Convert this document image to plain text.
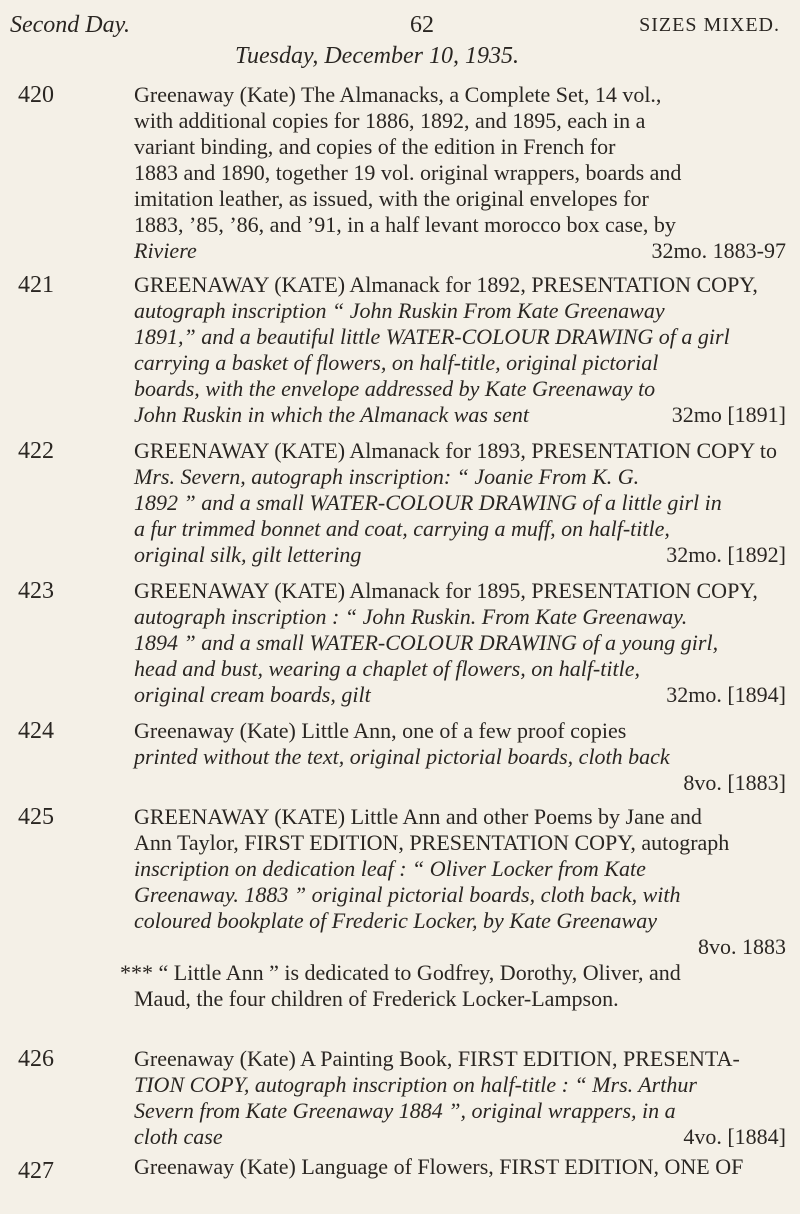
Second Day.	62	SIZES MIXED.
Tuesday, December 10, 1935.
420	Greenaway (Kate) The Almanacks, a Complete Set, 14 vol.,
with additional copies for 1886, 1892, and 1895, each in a
variant binding, and copies of the edition in French for
1883 and 1890, together 19 vol. original wrappers, boards and
imitation leather, as issued, with the original envelopes for
1883, ’85, ’86, and ’91, in a half levant morocco box case, by
Riviere	32mo. 1883-97
421	GREENAWAY (KATE) Almanack for 1892, PRESENTATION COPY,
autograph inscription “ John Ruskin From Kate Greenaway
1891,” and a beautiful little WATER-COLOUR DRAWING of a girl
carrying a basket of flowers, on half-title, original pictorial
boards, with the envelope addressed by Kate Greenaway to
John Ruskin in which the Almanack was sent	32mo [1891]
422	GREENAWAY (KATE) Almanack for 1893, PRESENTATION COPY to
Mrs. Severn, autograph inscription: “ Joanie From K. G.
1892 ” and a small WATER-COLOUR DRAWING of a little girl in
a fur trimmed bonnet and coat, carrying a muff, on half-title,
original silk, gilt lettering	32mo. [1892]
423	GREENAWAY (KATE) Almanack for 1895, PRESENTATION COPY,
autograph inscription : “ John Ruskin. From Kate Greenaway.
1894 ” and a small WATER-COLOUR DRAWING of a young girl,
head and bust, wearing a chaplet of flowers, on half-title,
original cream boards, gilt	32mo. [1894]
424	Greenaway (Kate) Little Ann, one of a few proof copies
printed without the text, original pictorial boards, cloth back
8vo. [1883]
425	GREENAWAY (KATE) Little Ann and other Poems by Jane and
Ann Taylor, FIRST EDITION, PRESENTATION COPY, autograph
inscription on dedication leaf : “ Oliver Locker from Kate
Greenaway. 1883 ” original pictorial boards, cloth back, with
coloured bookplate of Frederic Locker, by Kate Greenaway
8vo. 1883
*** “ Little Ann ” is dedicated to Godfrey, Dorothy, Oliver, and
Maud, the four children of Frederick Locker-Lampson.
426	Greenaway (Kate) A Painting Book, FIRST EDITION, PRESENTA-
TION COPY, autograph inscription on half-title : “ Mrs. Arthur
Severn from Kate Greenaway 1884 ”, original wrappers, in a
cloth case	4vo. [1884]
427	Greenaway (Kate) Language of Flowers, FIRST EDITION, ONE OF
